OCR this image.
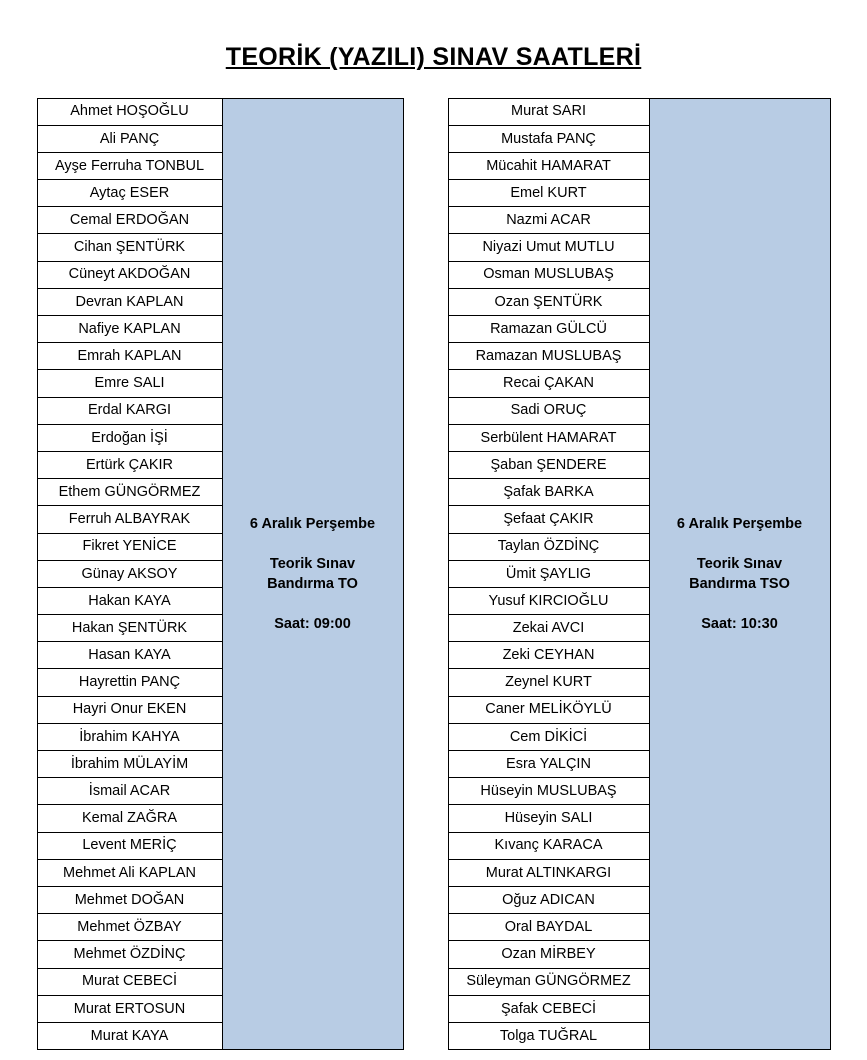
TEORİK (YAZILI) SINAV SAATLERİ
Ahmet HOŞOĞLU
Ali PANÇ
Ayşe Ferruha TONBUL
Aytaç ESER
Cemal ERDOĞAN
Cihan ŞENTÜRK
Cüneyt AKDOĞAN
Devran KAPLAN
Nafiye KAPLAN
Emrah KAPLAN
Emre SALI
Erdal KARGI
Erdoğan İŞİ
Ertürk ÇAKIR
Ethem GÜNGÖRMEZ
Ferruh ALBAYRAK
Fikret YENİCE
Günay AKSOY
Hakan KAYA
Hakan ŞENTÜRK
Hasan KAYA
Hayrettin PANÇ
Hayri Onur EKEN
İbrahim KAHYA
İbrahim MÜLAYİM
İsmail ACAR
Kemal ZAĞRA
Levent MERİÇ
Mehmet Ali KAPLAN
Mehmet DOĞAN
Mehmet ÖZBAY
Mehmet ÖZDİNÇ
Murat CEBECİ
Murat ERTOSUN
Murat KAYA
6 Aralık Perşembe
Teorik Sınav
Bandırma TO
Saat: 09:00
Murat SARI
Mustafa PANÇ
Mücahit HAMARAT
Emel KURT
Nazmi ACAR
Niyazi Umut MUTLU
Osman MUSLUBAŞ
Ozan ŞENTÜRK
Ramazan GÜLCÜ
Ramazan MUSLUBAŞ
Recai ÇAKAN
Sadi ORUÇ
Serbülent HAMARAT
Şaban ŞENDERE
Şafak BARKA
Şefaat ÇAKIR
Taylan ÖZDİNÇ
Ümit ŞAYLIG
Yusuf KIRCIOĞLU
Zekai AVCI
Zeki CEYHAN
Zeynel KURT
Caner MELİKÖYLÜ
Cem DİKİCİ
Esra YALÇIN
Hüseyin MUSLUBAŞ
Hüseyin SALI
Kıvanç KARACA
Murat ALTINKARGI
Oğuz ADICAN
Oral BAYDAL
Ozan MİRBEY
Süleyman GÜNGÖRMEZ
Şafak CEBECİ
Tolga TUĞRAL
6 Aralık Perşembe
Teorik Sınav
Bandırma TSO
Saat: 10:30
